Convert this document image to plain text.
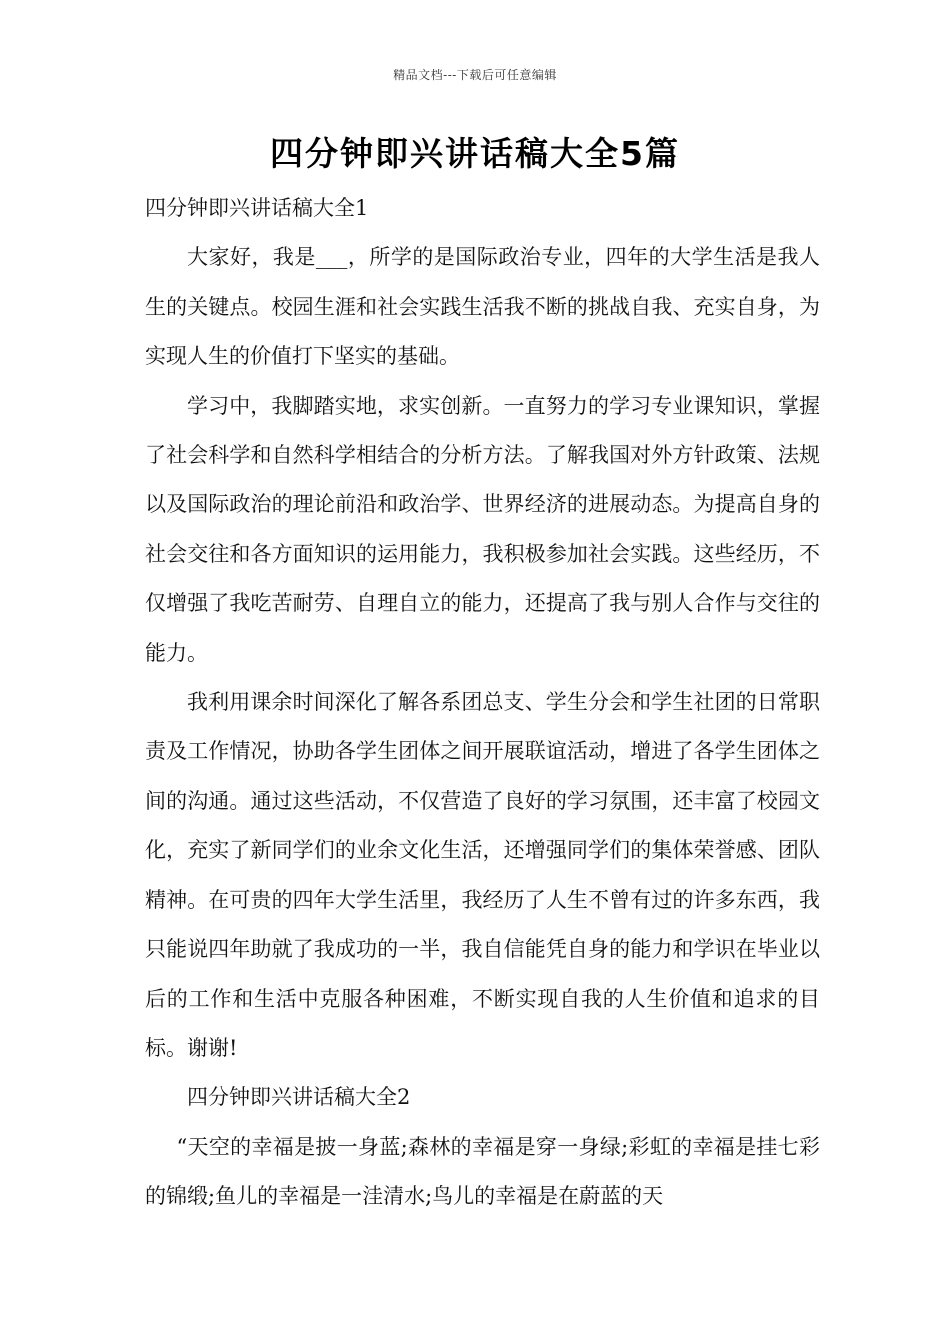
精品文档---下载后可任意编辑
四分钟即兴讲话稿大全5篇

四分钟即兴讲话稿大全1

大家好，我是___，所学的是国际政治专业，四年的大学生活是我人生的关键点。校园生涯和社会实践生活我不断的挑战自我、充实自身，为实现人生的价值打下坚实的基础。

学习中，我脚踏实地，求实创新。一直努力的学习专业课知识，掌握了社会科学和自然科学相结合的分析方法。了解我国对外方针政策、法规以及国际政治的理论前沿和政治学、世界经济的进展动态。为提高自身的社会交往和各方面知识的运用能力，我积极参加社会实践。这些经历，不仅增强了我吃苦耐劳、自理自立的能力，还提高了我与别人合作与交往的能力。

我利用课余时间深化了解各系团总支、学生分会和学生社团的日常职责及工作情况，协助各学生团体之间开展联谊活动，增进了各学生团体之间的沟通。通过这些活动，不仅营造了良好的学习氛围，还丰富了校园文化，充实了新同学们的业余文化生活，还增强同学们的集体荣誉感、团队精神。在可贵的四年大学生活里，我经历了人生不曾有过的许多东西，我只能说四年助就了我成功的一半，我自信能凭自身的能力和学识在毕业以后的工作和生活中克服各种困难，不断实现自我的人生价值和追求的目标。谢谢!

四分钟即兴讲话稿大全2

“天空的幸福是披一身蓝;森林的幸福是穿一身绿;彩虹的幸福是挂七彩的锦缎;鱼儿的幸福是一洼清水;鸟儿的幸福是在蔚蓝的天
